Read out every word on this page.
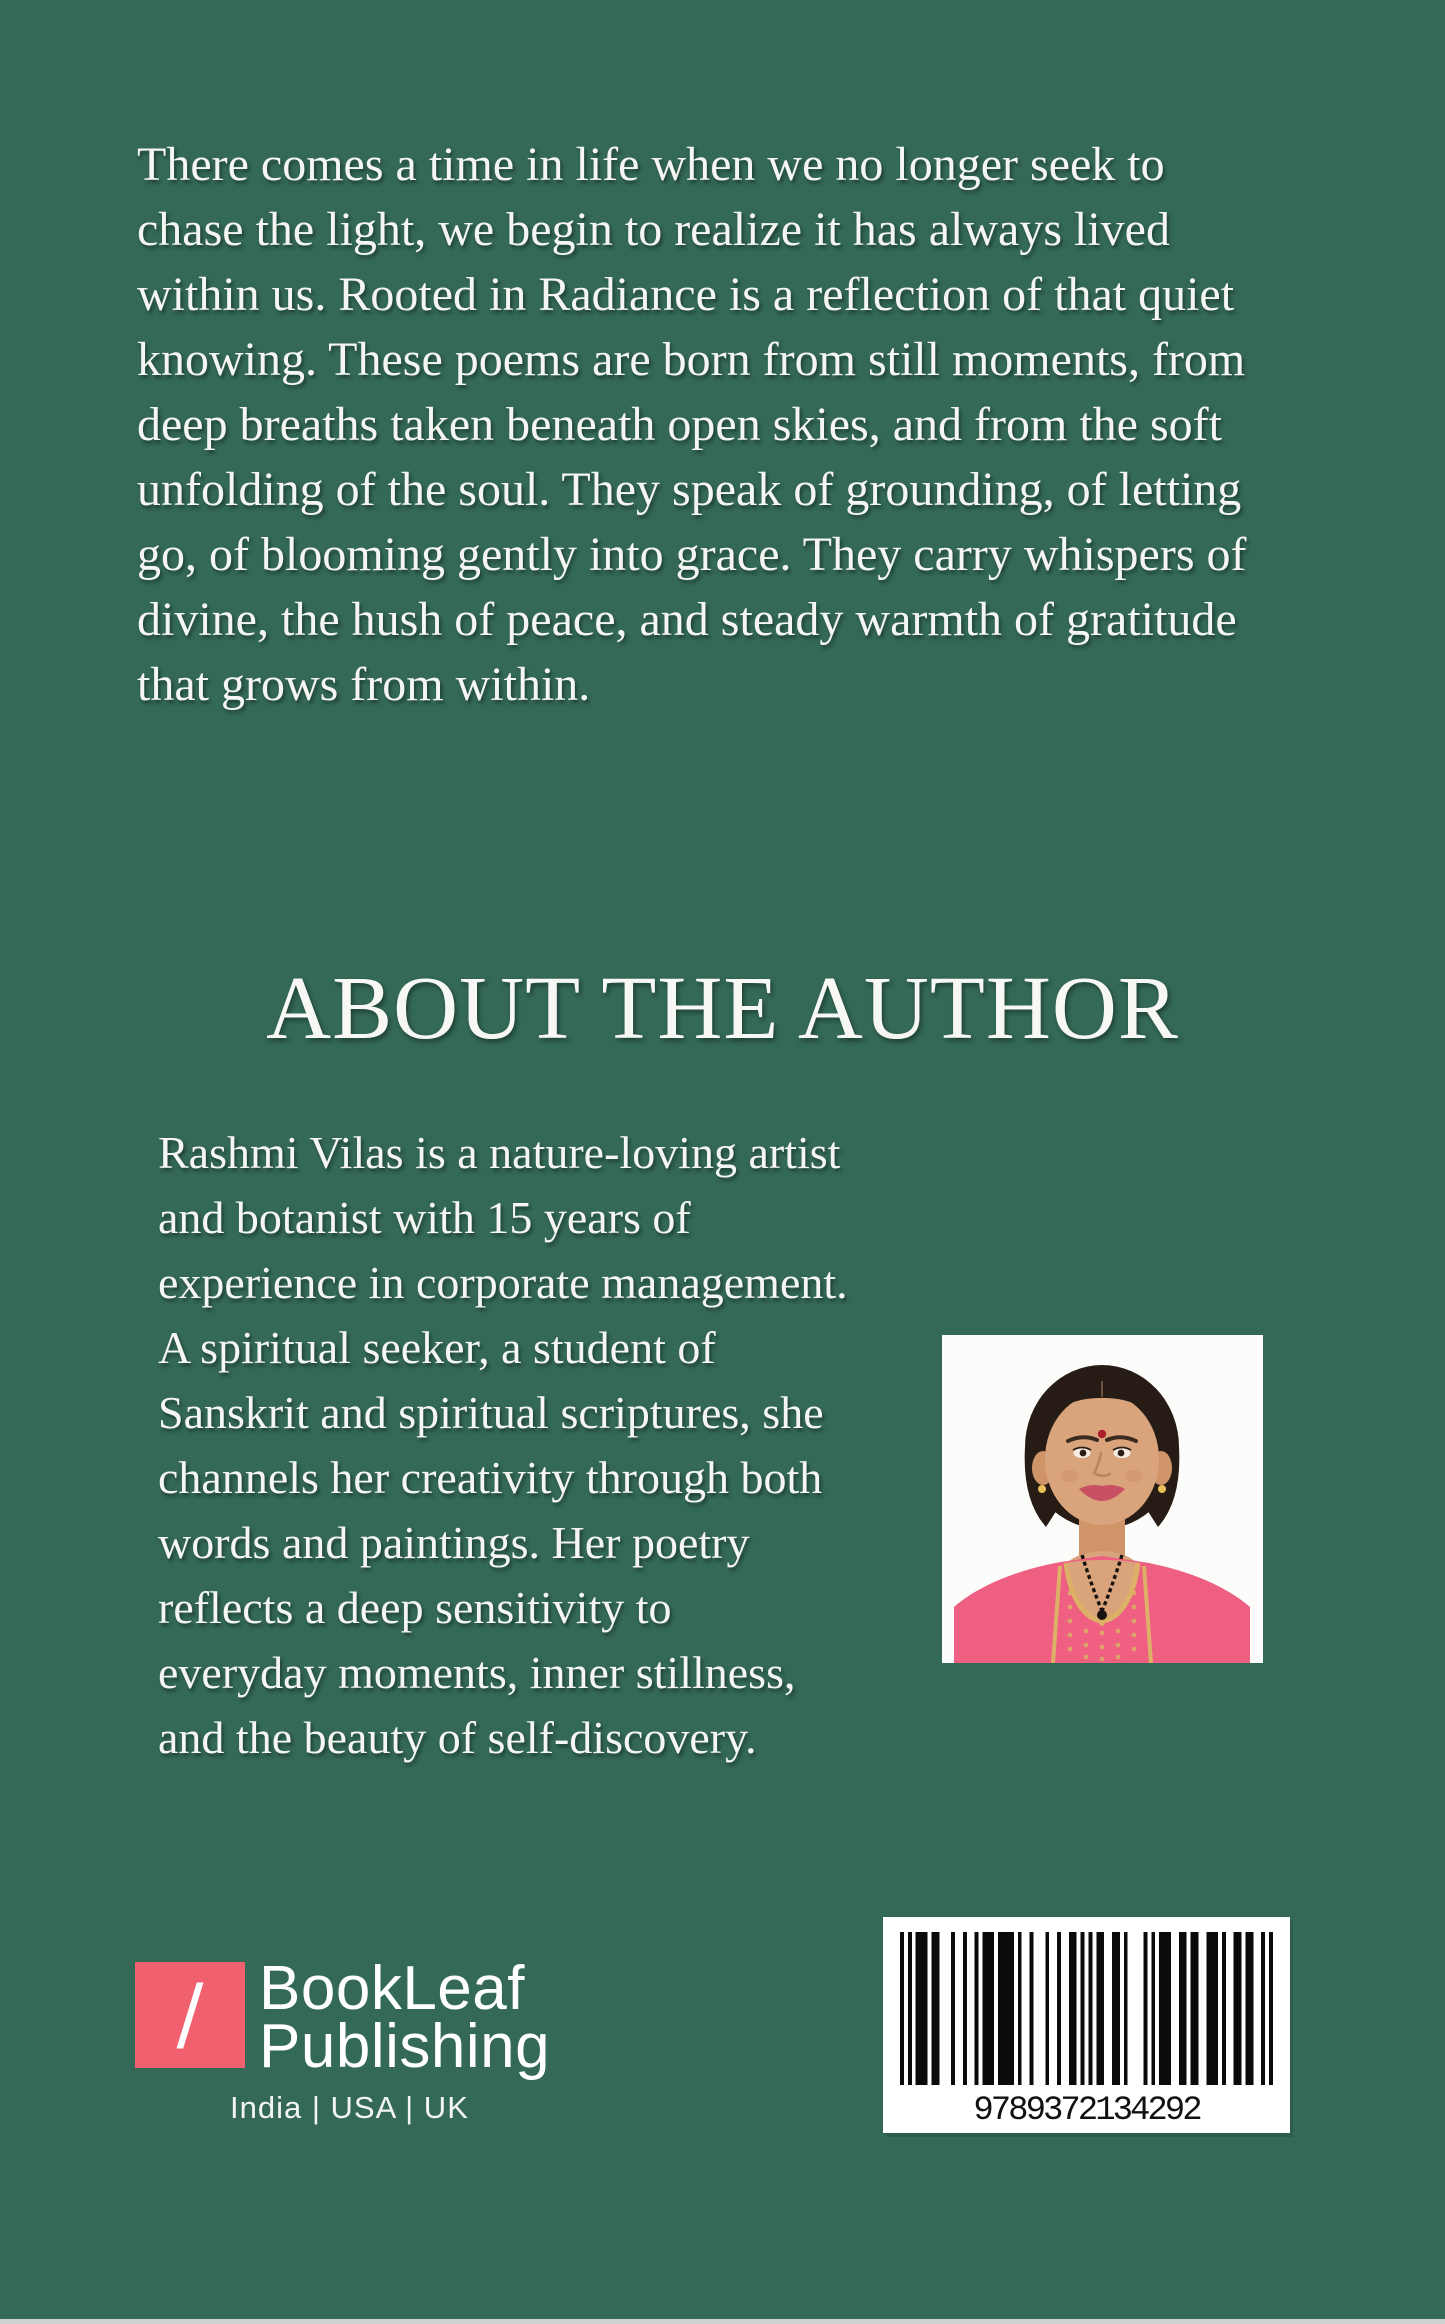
There comes a time in life when we no longer seek to
chase the light, we begin to realize it has always lived
within us. Rooted in Radiance is a reflection of that quiet
knowing. These poems are born from still moments, from
deep breaths taken beneath open skies, and from the soft
unfolding of the soul. They speak of grounding, of letting
go, of blooming gently into grace. They carry whispers of
divine, the hush of peace, and steady warmth of gratitude
that grows from within.
ABOUT THE AUTHOR
Rashmi Vilas is a nature-loving artist
and botanist with 15 years of
experience in corporate management.
A spiritual seeker, a student of
Sanskrit and spiritual scriptures, she
channels her creativity through both
words and paintings. Her poetry
reflects a deep sensitivity to
everyday moments, inner stillness,
and the beauty of self-discovery.
/ BookLeaf
Publishing
India | USA | UK	9789372134292
